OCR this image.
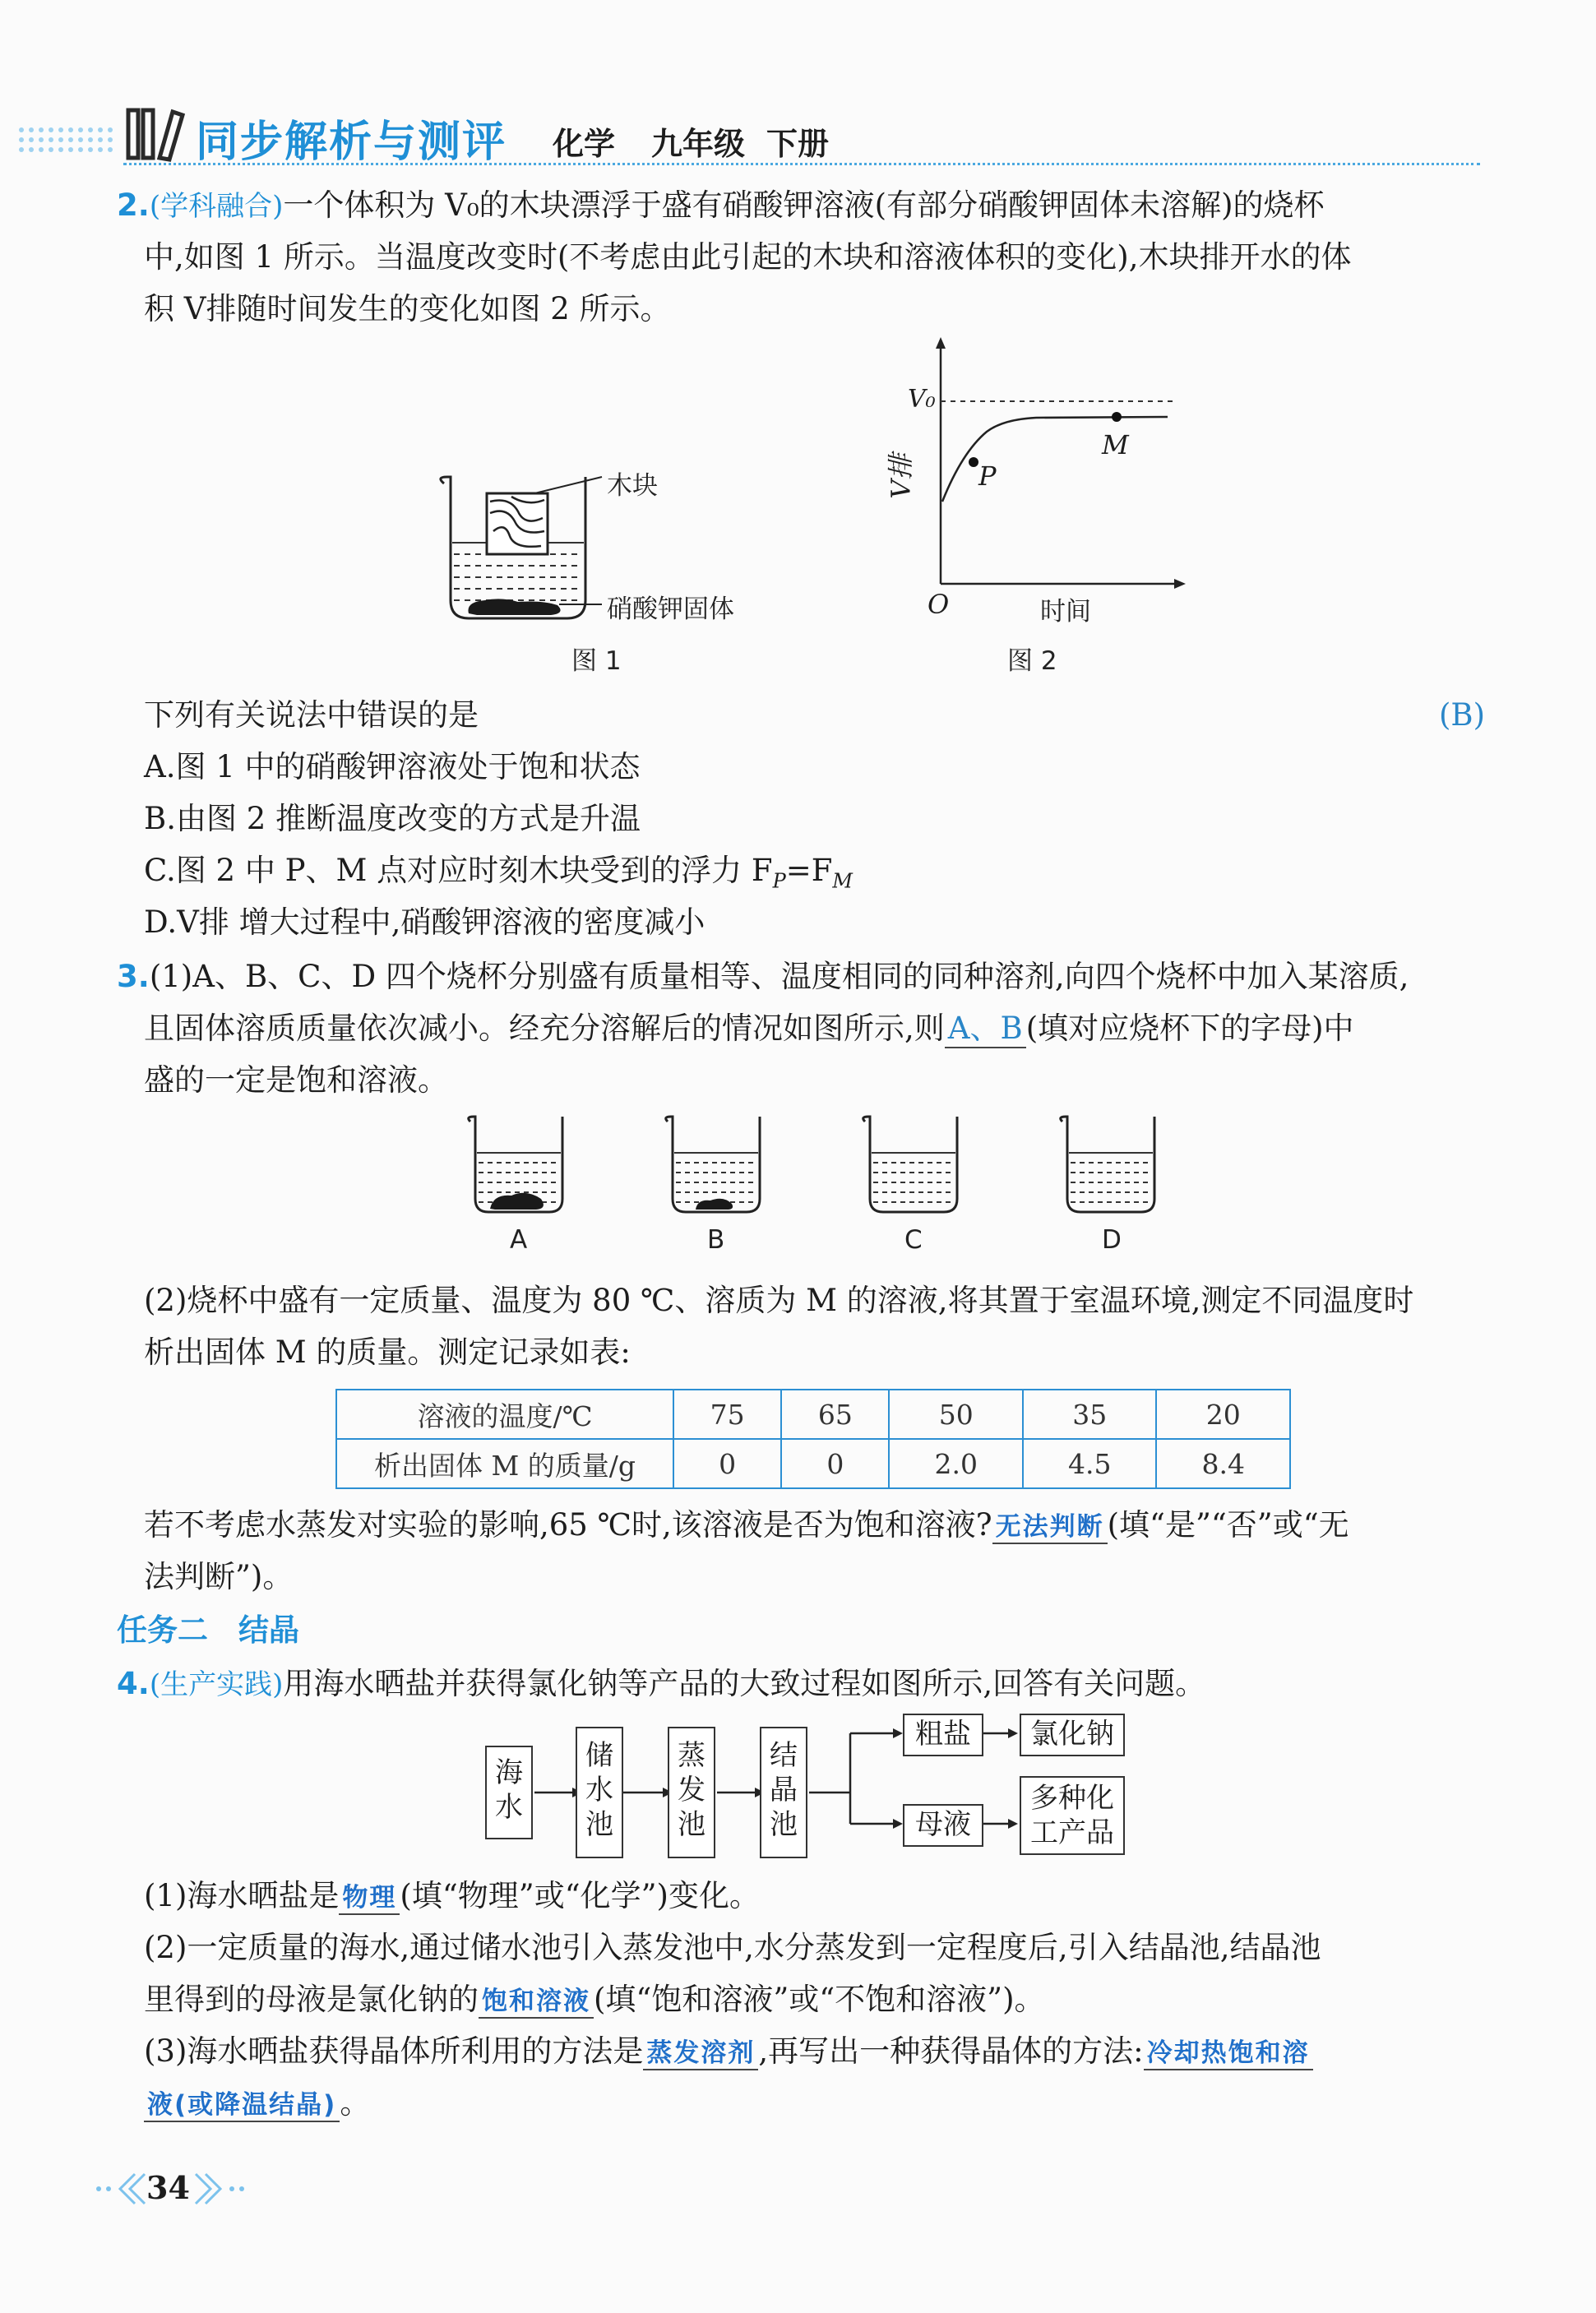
同步解析与测评 化学 九年级 下册
2.(学科融合)一个体积为 V₀的木块漂浮于盛有硝酸钾溶液(有部分硝酸钾固体未溶解)的烧杯
中,如图 1 所示。当温度改变时(不考虑由此引起的木块和溶液体积的变化),木块排开水的体
积 V排随时间发生的变化如图 2 所示。
木块
硝酸钾固体
图 1
V₀
V排 P
M
O	时间
图 2
下列有关说法中错误的是	(B)
A.图 1 中的硝酸钾溶液处于饱和状态
B.由图 2 推断温度改变的方式是升温
C.图 2 中 P、M 点对应时刻木块受到的浮力 $F_P=F_M$
D.V排 增大过程中,硝酸钾溶液的密度减小
3.(1)A、B、C、D 四个烧杯分别盛有质量相等、温度相同的同种溶剂,向四个烧杯中加入某溶质,
且固体溶质质量依次减小。经充分溶解后的情况如图所示,则 A、B (填对应烧杯下的字母)中
盛的一定是饱和溶液。
A	B	C	D
(2)烧杯中盛有一定质量、温度为 80 ℃、溶质为 M 的溶液,将其置于室温环境,测定不同温度时
析出固体 M 的质量。测定记录如表:
溶液的温度/℃	75	65	50	35	20
析出固体 M 的质量/g	0	0	2.0	4.5	8.4
若不考虑水蒸发对实验的影响,65 ℃时,该溶液是否为饱和溶液? 无法判断 (填“是”“否”或“无
法判断”)。
任务二　结晶
4.(生产实践)用海水晒盐并获得氯化钠等产品的大致过程如图所示,回答有关问题。
海
水
储
水
池
蒸
发
池
结
晶
池
粗盐	氯化钠
母液
多种化
工产品
(1)海水晒盐是 物理 (填“物理”或“化学”)变化。
(2)一定质量的海水,通过储水池引入蒸发池中,水分蒸发到一定程度后,引入结晶池,结晶池
里得到的母液是氯化钠的 饱和溶液 (填“饱和溶液”或“不饱和溶液”)。
(3)海水晒盐获得晶体所利用的方法是 蒸发溶剂 ,再写出一种获得晶体的方法: 冷却热饱和溶
液(或降温结晶) 。
34
